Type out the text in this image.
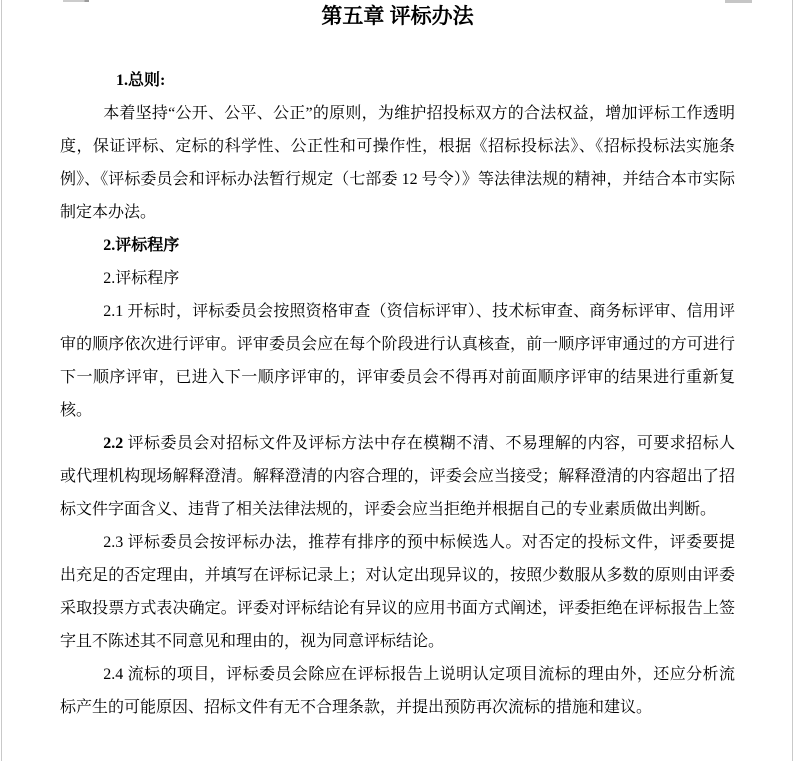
第五章 评标办法

1.总则:

本着坚持“公开、公平、公正”的原则，为维护招投标双方的合法权益，增加评标工作透明度，保证评标、定标的科学性、公正性和可操作性，根据《招标投标法》、《招标投标法实施条例》、《评标委员会和评标办法暂行规定（七部委 12 号令）》等法律法规的精神，并结合本市实际制定本办法。

2.评标程序

2.评标程序

2.1 开标时，评标委员会按照资格审查（资信标评审）、技术标审查、商务标评审、信用评审的顺序依次进行评审。评审委员会应在每个阶段进行认真核查，前一顺序评审通过的方可进行下一顺序评审，已进入下一顺序评审的，评审委员会不得再对前面顺序评审的结果进行重新复核。

2.2 评标委员会对招标文件及评标方法中存在模糊不清、不易理解的内容，可要求招标人或代理机构现场解释澄清。解释澄清的内容合理的，评委会应当接受；解释澄清的内容超出了招标文件字面含义、违背了相关法律法规的，评委会应当拒绝并根据自己的专业素质做出判断。

2.3 评标委员会按评标办法，推荐有排序的预中标候选人。对否定的投标文件，评委要提出充足的否定理由，并填写在评标记录上；对认定出现异议的，按照少数服从多数的原则由评委采取投票方式表决确定。评委对评标结论有异议的应用书面方式阐述，评委拒绝在评标报告上签字且不陈述其不同意见和理由的，视为同意评标结论。

2.4 流标的项目，评标委员会除应在评标报告上说明认定项目流标的理由外，还应分析流标产生的可能原因、招标文件有无不合理条款，并提出预防再次流标的措施和建议。
